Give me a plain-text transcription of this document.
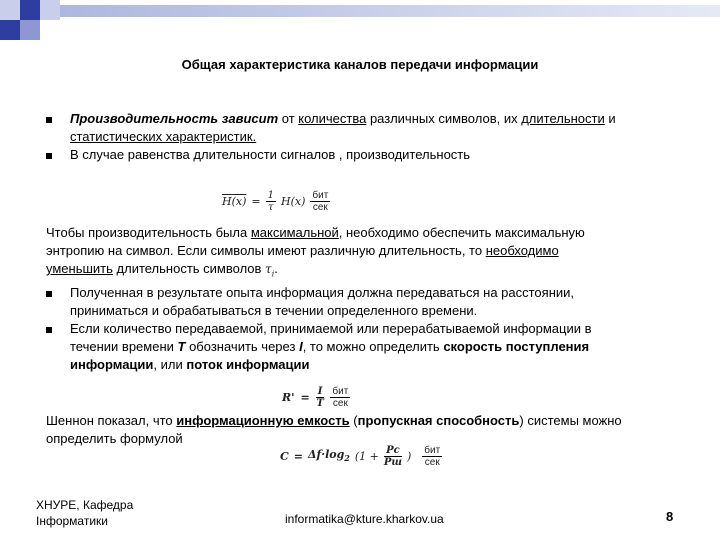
Общая характеристика каналов передачи информации
Производительность зависит от количества различных символов, их длительности и
статистических характеристик.
В случае равенства длительности сигналов , производительность
$H(x) = \frac{1}{\tau} H(x) \frac{\text{бит}}{\text{сек}}$
Чтобы производительность была максимальной, необходимо обеспечить максимальную
энтропию на символ. Если символы имеют различную длительность, то необходимо
уменьшить длительность символов $\tau_i$.
Полученная в результате опыта информация должна передаваться на расстоянии,
приниматься и обрабатываться в течении определенного времени.
Если количество передаваемой, принимаемой или перерабатываемой информации в
течении времени T обозначить через I, то можно определить скорость поступления
информации, или поток информации
$R' = \frac{I}{T} \frac{\text{бит}}{\text{сек}}$
Шеннон показал, что информационную емкость (пропускная способность) системы можно
определить формулой
$C = \Delta f\cdot\log_2$ ($1 + \frac{Pс}{Pш}$ ) $\frac{\text{бит}}{\text{сек}}$
ХНУРЕ, Кафедра
Інформатики	informatika@kture.kharkov.ua	8
